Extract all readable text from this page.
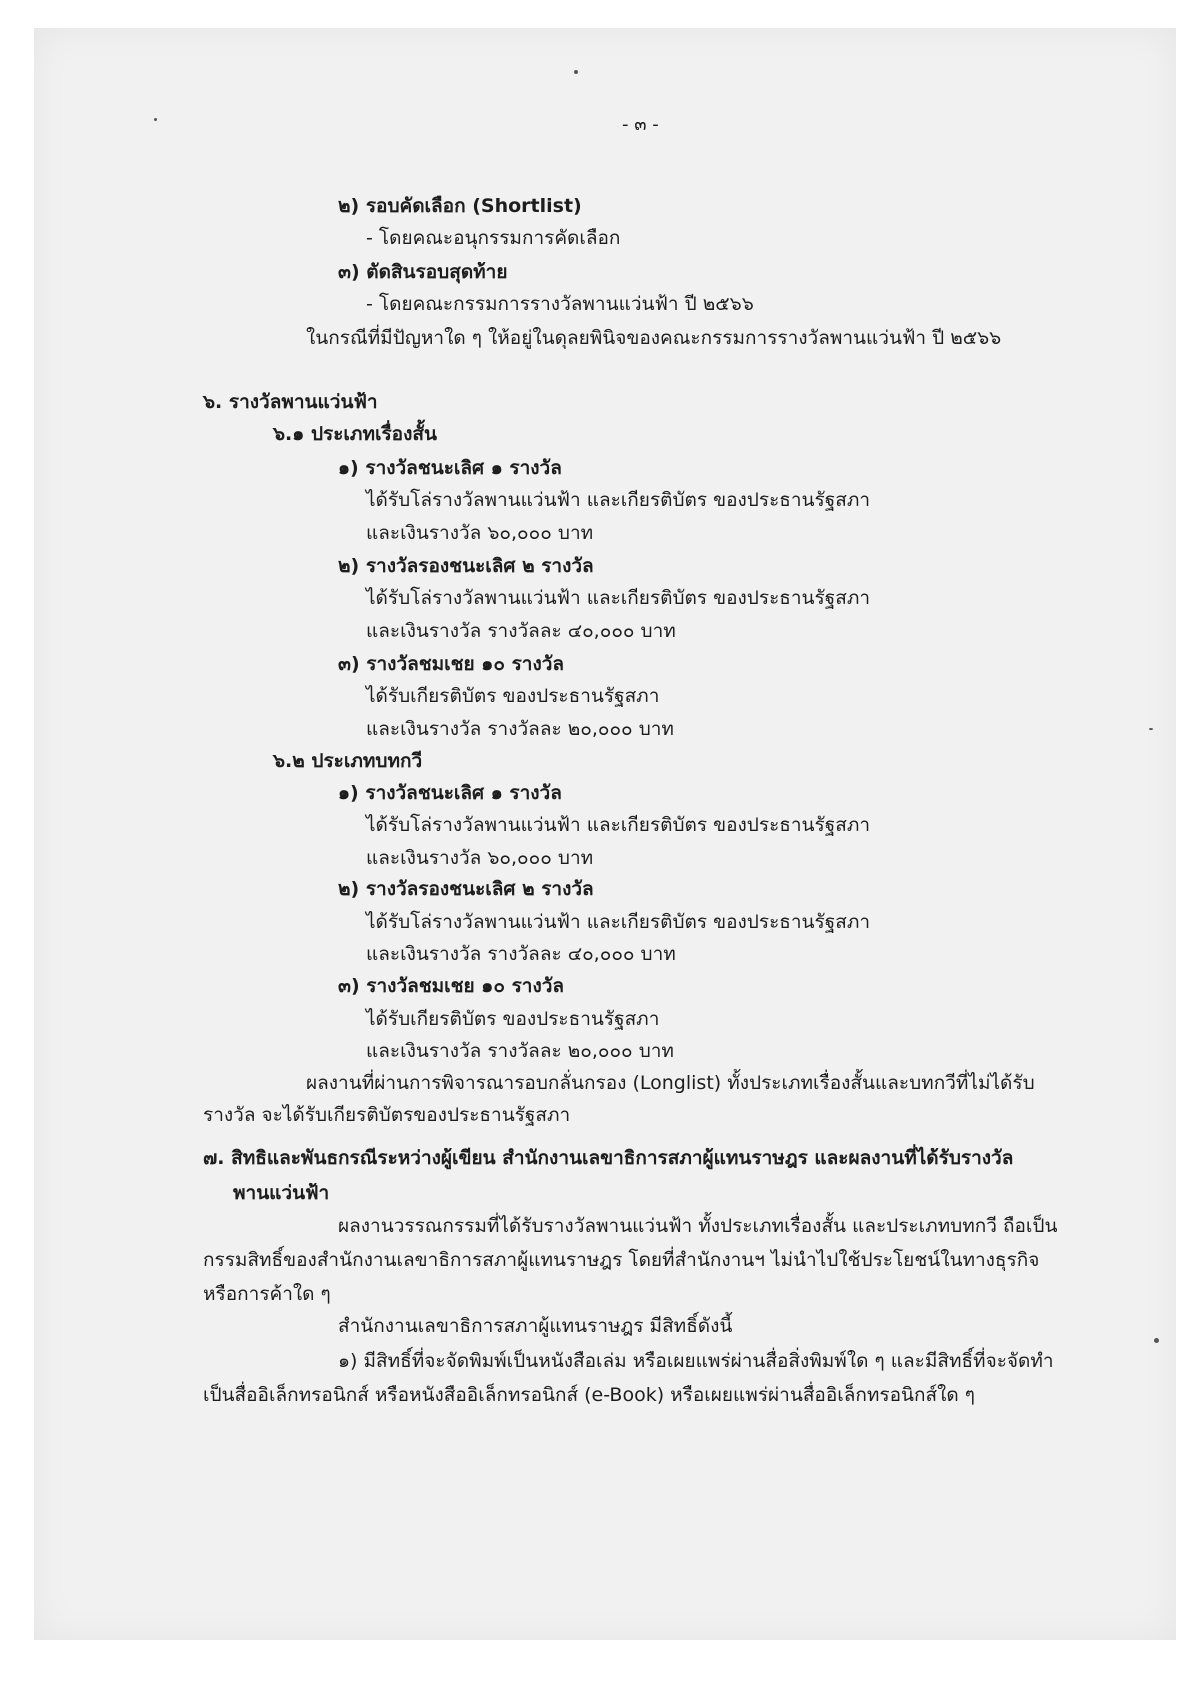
- ๓ -
๒) รอบคัดเลือก (Shortlist)
- โดยคณะอนุกรรมการคัดเลือก
๓) ตัดสินรอบสุดท้าย
- โดยคณะกรรมการรางวัลพานแว่นฟ้า ปี ๒๕๖๖
ในกรณีที่มีปัญหาใด ๆ ให้อยู่ในดุลยพินิจของคณะกรรมการรางวัลพานแว่นฟ้า ปี ๒๕๖๖
๖. รางวัลพานแว่นฟ้า
๖.๑ ประเภทเรื่องสั้น
๑) รางวัลชนะเลิศ ๑ รางวัล
ได้รับโล่รางวัลพานแว่นฟ้า และเกียรติบัตร ของประธานรัฐสภา
และเงินรางวัล ๖๐,๐๐๐ บาท
๒) รางวัลรองชนะเลิศ ๒ รางวัล
ได้รับโล่รางวัลพานแว่นฟ้า และเกียรติบัตร ของประธานรัฐสภา
และเงินรางวัล รางวัลละ ๔๐,๐๐๐ บาท
๓) รางวัลชมเชย ๑๐ รางวัล
ได้รับเกียรติบัตร ของประธานรัฐสภา
และเงินรางวัล รางวัลละ ๒๐,๐๐๐ บาท
๖.๒ ประเภทบทกวี
๑) รางวัลชนะเลิศ ๑ รางวัล
ได้รับโล่รางวัลพานแว่นฟ้า และเกียรติบัตร ของประธานรัฐสภา
และเงินรางวัล ๖๐,๐๐๐ บาท
๒) รางวัลรองชนะเลิศ ๒ รางวัล
ได้รับโล่รางวัลพานแว่นฟ้า และเกียรติบัตร ของประธานรัฐสภา
และเงินรางวัล รางวัลละ ๔๐,๐๐๐ บาท
๓) รางวัลชมเชย ๑๐ รางวัล
ได้รับเกียรติบัตร ของประธานรัฐสภา
และเงินรางวัล รางวัลละ ๒๐,๐๐๐ บาท
ผลงานที่ผ่านการพิจารณารอบกลั่นกรอง (Longlist) ทั้งประเภทเรื่องสั้นและบทกวีที่ไม่ได้รับ
รางวัล จะได้รับเกียรติบัตรของประธานรัฐสภา
๗. สิทธิและพันธกรณีระหว่างผู้เขียน สำนักงานเลขาธิการสภาผู้แทนราษฎร และผลงานที่ได้รับรางวัล
พานแว่นฟ้า
ผลงานวรรณกรรมที่ได้รับรางวัลพานแว่นฟ้า ทั้งประเภทเรื่องสั้น และประเภทบทกวี ถือเป็น
กรรมสิทธิ์ของสำนักงานเลขาธิการสภาผู้แทนราษฎร โดยที่สำนักงานฯ ไม่นำไปใช้ประโยชน์ในทางธุรกิจ
หรือการค้าใด ๆ
สำนักงานเลขาธิการสภาผู้แทนราษฎร มีสิทธิ์ดังนี้
๑) มีสิทธิ์ที่จะจัดพิมพ์เป็นหนังสือเล่ม หรือเผยแพร่ผ่านสื่อสิ่งพิมพ์ใด ๆ และมีสิทธิ์ที่จะจัดทำ
เป็นสื่ออิเล็กทรอนิกส์ หรือหนังสืออิเล็กทรอนิกส์ (e-Book) หรือเผยแพร่ผ่านสื่ออิเล็กทรอนิกส์ใด ๆ
